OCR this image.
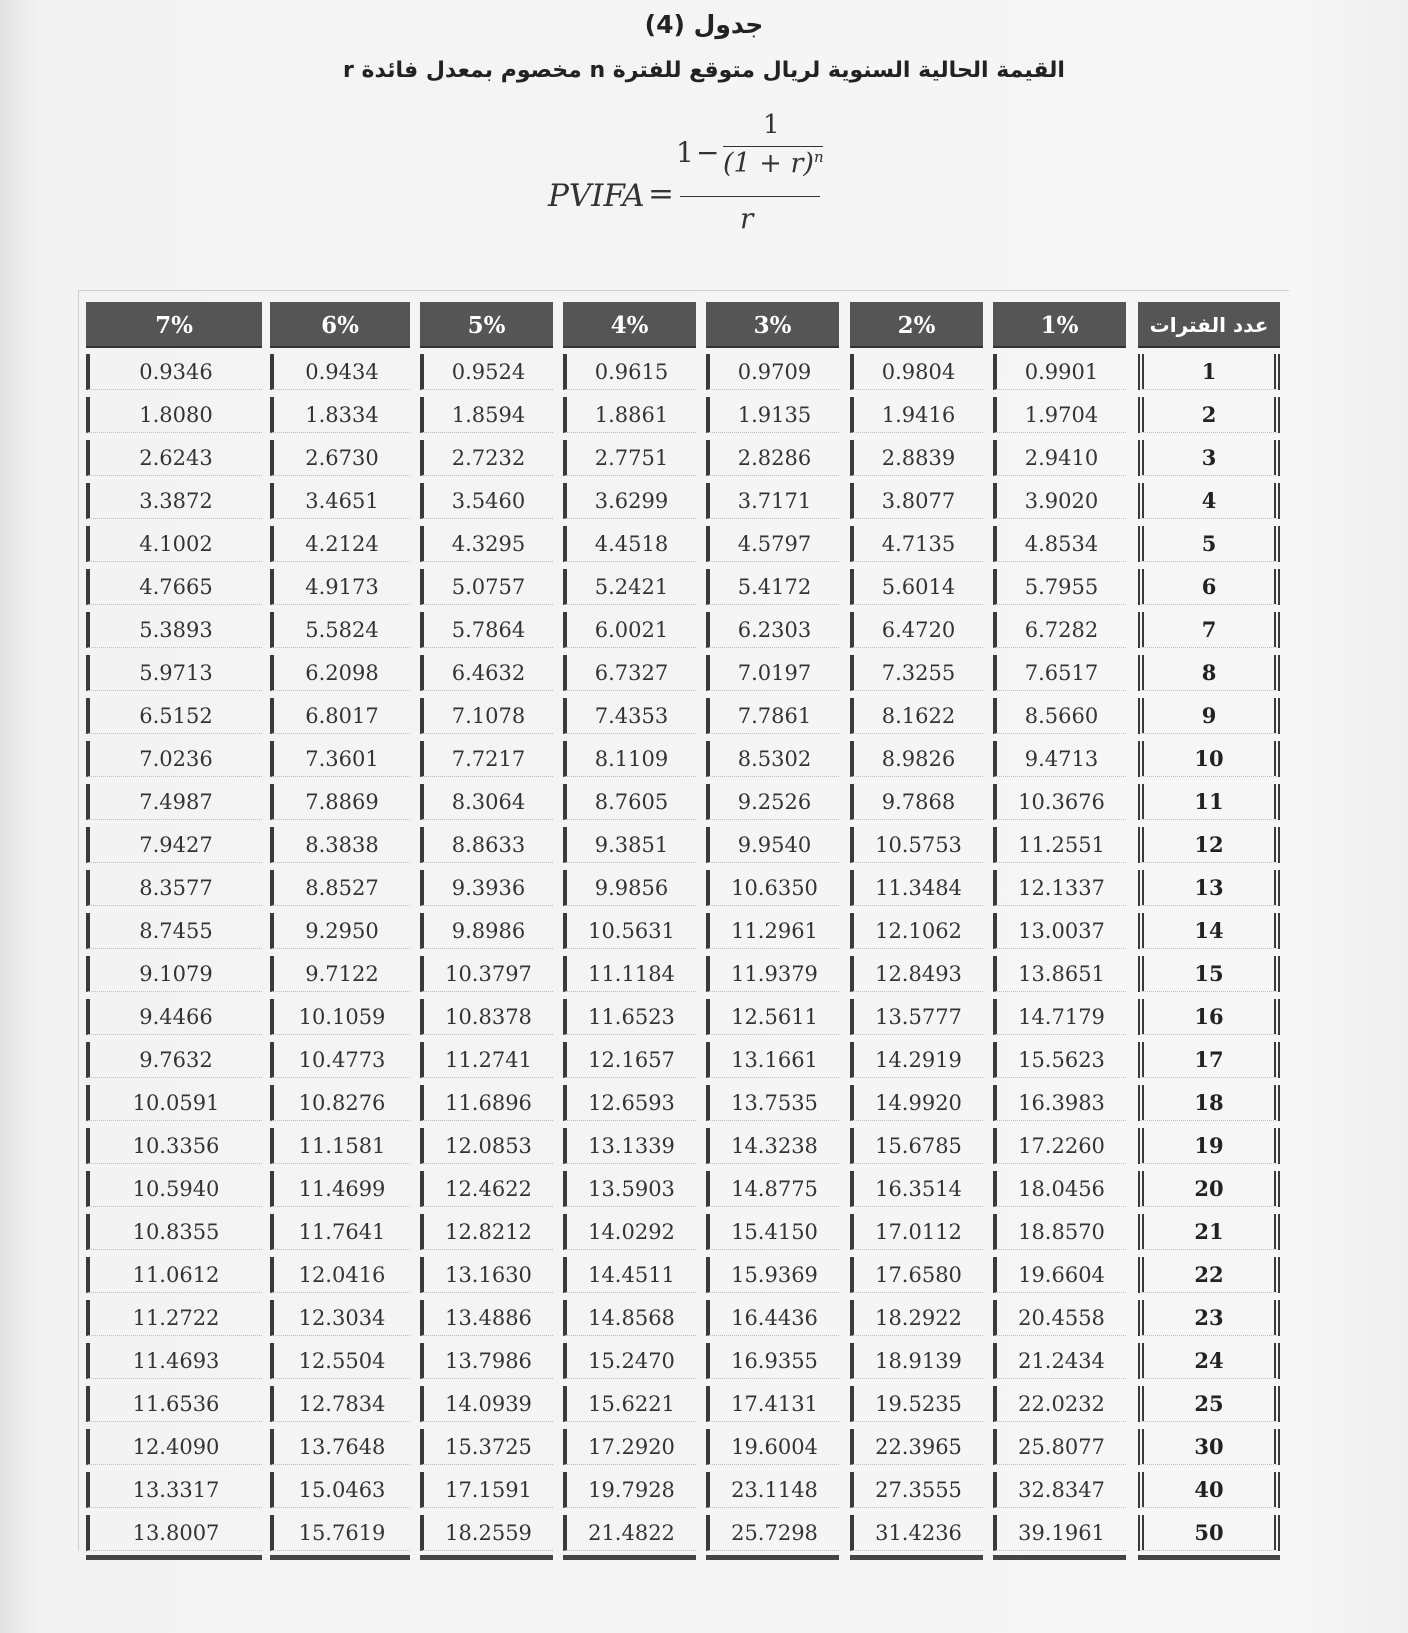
جدول (4)
القيمة الحالية السنوية لريال متوقع للفترة n مخصوم بمعدل فائدة r
PVIFA =
1 −
1
$(1 + r)^n$
r
عدد الفترات
1%
2%
3%
4%
5%
6%
7%
1
0.9901
0.9804
0.9709
0.9615
0.9524
0.9434
0.9346
2
1.9704
1.9416
1.9135
1.8861
1.8594
1.8334
1.8080
3
2.9410
2.8839
2.8286
2.7751
2.7232
2.6730
2.6243
4
3.9020
3.8077
3.7171
3.6299
3.5460
3.4651
3.3872
5
4.8534
4.7135
4.5797
4.4518
4.3295
4.2124
4.1002
6
5.7955
5.6014
5.4172
5.2421
5.0757
4.9173
4.7665
7
6.7282
6.4720
6.2303
6.0021
5.7864
5.5824
5.3893
8
7.6517
7.3255
7.0197
6.7327
6.4632
6.2098
5.9713
9
8.5660
8.1622
7.7861
7.4353
7.1078
6.8017
6.5152
10
9.4713
8.9826
8.5302
8.1109
7.7217
7.3601
7.0236
11
10.3676
9.7868
9.2526
8.7605
8.3064
7.8869
7.4987
12
11.2551
10.5753
9.9540
9.3851
8.8633
8.3838
7.9427
13
12.1337
11.3484
10.6350
9.9856
9.3936
8.8527
8.3577
14
13.0037
12.1062
11.2961
10.5631
9.8986
9.2950
8.7455
15
13.8651
12.8493
11.9379
11.1184
10.3797
9.7122
9.1079
16
14.7179
13.5777
12.5611
11.6523
10.8378
10.1059
9.4466
17
15.5623
14.2919
13.1661
12.1657
11.2741
10.4773
9.7632
18
16.3983
14.9920
13.7535
12.6593
11.6896
10.8276
10.0591
19
17.2260
15.6785
14.3238
13.1339
12.0853
11.1581
10.3356
20
18.0456
16.3514
14.8775
13.5903
12.4622
11.4699
10.5940
21
18.8570
17.0112
15.4150
14.0292
12.8212
11.7641
10.8355
22
19.6604
17.6580
15.9369
14.4511
13.1630
12.0416
11.0612
23
20.4558
18.2922
16.4436
14.8568
13.4886
12.3034
11.2722
24
21.2434
18.9139
16.9355
15.2470
13.7986
12.5504
11.4693
25
22.0232
19.5235
17.4131
15.6221
14.0939
12.7834
11.6536
30
25.8077
22.3965
19.6004
17.2920
15.3725
13.7648
12.4090
40
32.8347
27.3555
23.1148
19.7928
17.1591
15.0463
13.3317
50
39.1961
31.4236
25.7298
21.4822
18.2559
15.7619
13.8007
